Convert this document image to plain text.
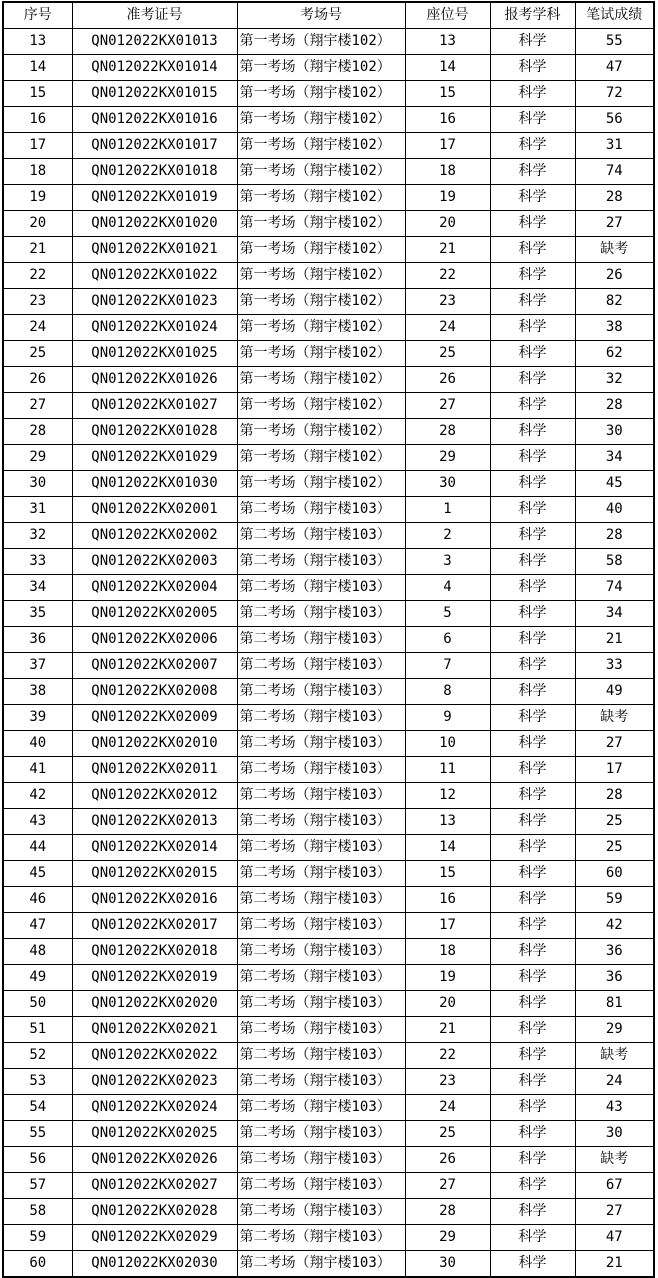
序号	准考证号	考场号	座位号	报考学科	笔试成绩
13	QN012022KX01013	第一考场（翔宇楼102）	13	科学	55
14	QN012022KX01014	第一考场（翔宇楼102）	14	科学	47
15	QN012022KX01015	第一考场（翔宇楼102）	15	科学	72
16	QN012022KX01016	第一考场（翔宇楼102）	16	科学	56
17	QN012022KX01017	第一考场（翔宇楼102）	17	科学	31
18	QN012022KX01018	第一考场（翔宇楼102）	18	科学	74
19	QN012022KX01019	第一考场（翔宇楼102）	19	科学	28
20	QN012022KX01020	第一考场（翔宇楼102）	20	科学	27
21	QN012022KX01021	第一考场（翔宇楼102）	21	科学	缺考
22	QN012022KX01022	第一考场（翔宇楼102）	22	科学	26
23	QN012022KX01023	第一考场（翔宇楼102）	23	科学	82
24	QN012022KX01024	第一考场（翔宇楼102）	24	科学	38
25	QN012022KX01025	第一考场（翔宇楼102）	25	科学	62
26	QN012022KX01026	第一考场（翔宇楼102）	26	科学	32
27	QN012022KX01027	第一考场（翔宇楼102）	27	科学	28
28	QN012022KX01028	第一考场（翔宇楼102）	28	科学	30
29	QN012022KX01029	第一考场（翔宇楼102）	29	科学	34
30	QN012022KX01030	第一考场（翔宇楼102）	30	科学	45
31	QN012022KX02001	第二考场（翔宇楼103）	1	科学	40
32	QN012022KX02002	第二考场（翔宇楼103）	2	科学	28
33	QN012022KX02003	第二考场（翔宇楼103）	3	科学	58
34	QN012022KX02004	第二考场（翔宇楼103）	4	科学	74
35	QN012022KX02005	第二考场（翔宇楼103）	5	科学	34
36	QN012022KX02006	第二考场（翔宇楼103）	6	科学	21
37	QN012022KX02007	第二考场（翔宇楼103）	7	科学	33
38	QN012022KX02008	第二考场（翔宇楼103）	8	科学	49
39	QN012022KX02009	第二考场（翔宇楼103）	9	科学	缺考
40	QN012022KX02010	第二考场（翔宇楼103）	10	科学	27
41	QN012022KX02011	第二考场（翔宇楼103）	11	科学	17
42	QN012022KX02012	第二考场（翔宇楼103）	12	科学	28
43	QN012022KX02013	第二考场（翔宇楼103）	13	科学	25
44	QN012022KX02014	第二考场（翔宇楼103）	14	科学	25
45	QN012022KX02015	第二考场（翔宇楼103）	15	科学	60
46	QN012022KX02016	第二考场（翔宇楼103）	16	科学	59
47	QN012022KX02017	第二考场（翔宇楼103）	17	科学	42
48	QN012022KX02018	第二考场（翔宇楼103）	18	科学	36
49	QN012022KX02019	第二考场（翔宇楼103）	19	科学	36
50	QN012022KX02020	第二考场（翔宇楼103）	20	科学	81
51	QN012022KX02021	第二考场（翔宇楼103）	21	科学	29
52	QN012022KX02022	第二考场（翔宇楼103）	22	科学	缺考
53	QN012022KX02023	第二考场（翔宇楼103）	23	科学	24
54	QN012022KX02024	第二考场（翔宇楼103）	24	科学	43
55	QN012022KX02025	第二考场（翔宇楼103）	25	科学	30
56	QN012022KX02026	第二考场（翔宇楼103）	26	科学	缺考
57	QN012022KX02027	第二考场（翔宇楼103）	27	科学	67
58	QN012022KX02028	第二考场（翔宇楼103）	28	科学	27
59	QN012022KX02029	第二考场（翔宇楼103）	29	科学	47
60	QN012022KX02030	第二考场（翔宇楼103）	30	科学	21
